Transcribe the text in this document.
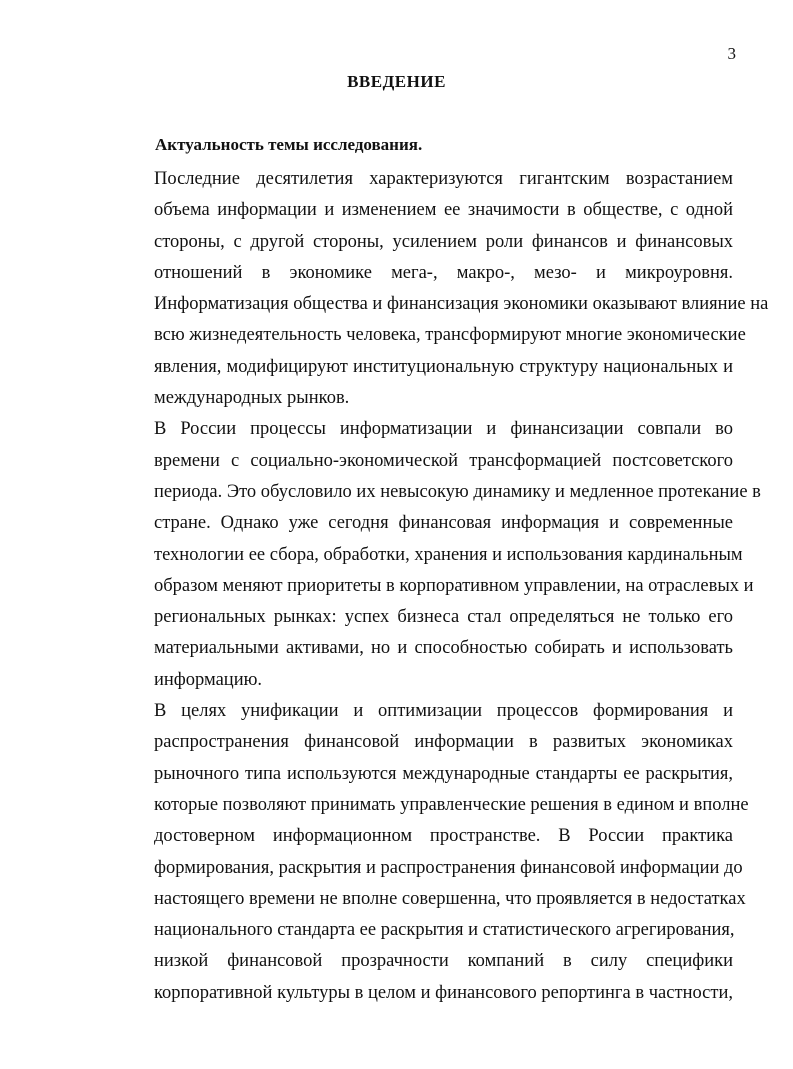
3
ВВЕДЕНИЕ
Актуальность темы исследования.
Последние десятилетия характеризуются гигантским возрастанием
объема информации и изменением ее значимости в обществе, с одной
стороны, с другой стороны, усилением роли финансов и финансовых
отношений в экономике мега-, макро-, мезо- и микроуровня.
Информатизация общества и финансизация экономики оказывают влияние на
всю жизнедеятельность человека, трансформируют многие экономические
явления, модифицируют институциональную структуру национальных и
международных рынков.
В России процессы информатизации и финансизации совпали во
времени с социально-экономической трансформацией постсоветского
периода. Это обусловило их невысокую динамику и медленное протекание в
стране. Однако уже сегодня финансовая информация и современные
технологии ее сбора, обработки, хранения и использования кардинальным
образом меняют приоритеты в корпоративном управлении, на отраслевых и
региональных рынках: успех бизнеса стал определяться не только его
материальными активами, но и способностью собирать и использовать
информацию.
В целях унификации и оптимизации процессов формирования и
распространения финансовой информации в развитых экономиках
рыночного типа используются международные стандарты ее раскрытия,
которые позволяют принимать управленческие решения в едином и вполне
достоверном информационном пространстве. В России практика
формирования, раскрытия и распространения финансовой информации до
настоящего времени не вполне совершенна, что проявляется в недостатках
национального стандарта ее раскрытия и статистического агрегирования,
низкой финансовой прозрачности компаний в силу специфики
корпоративной культуры в целом и финансового репортинга в частности,
